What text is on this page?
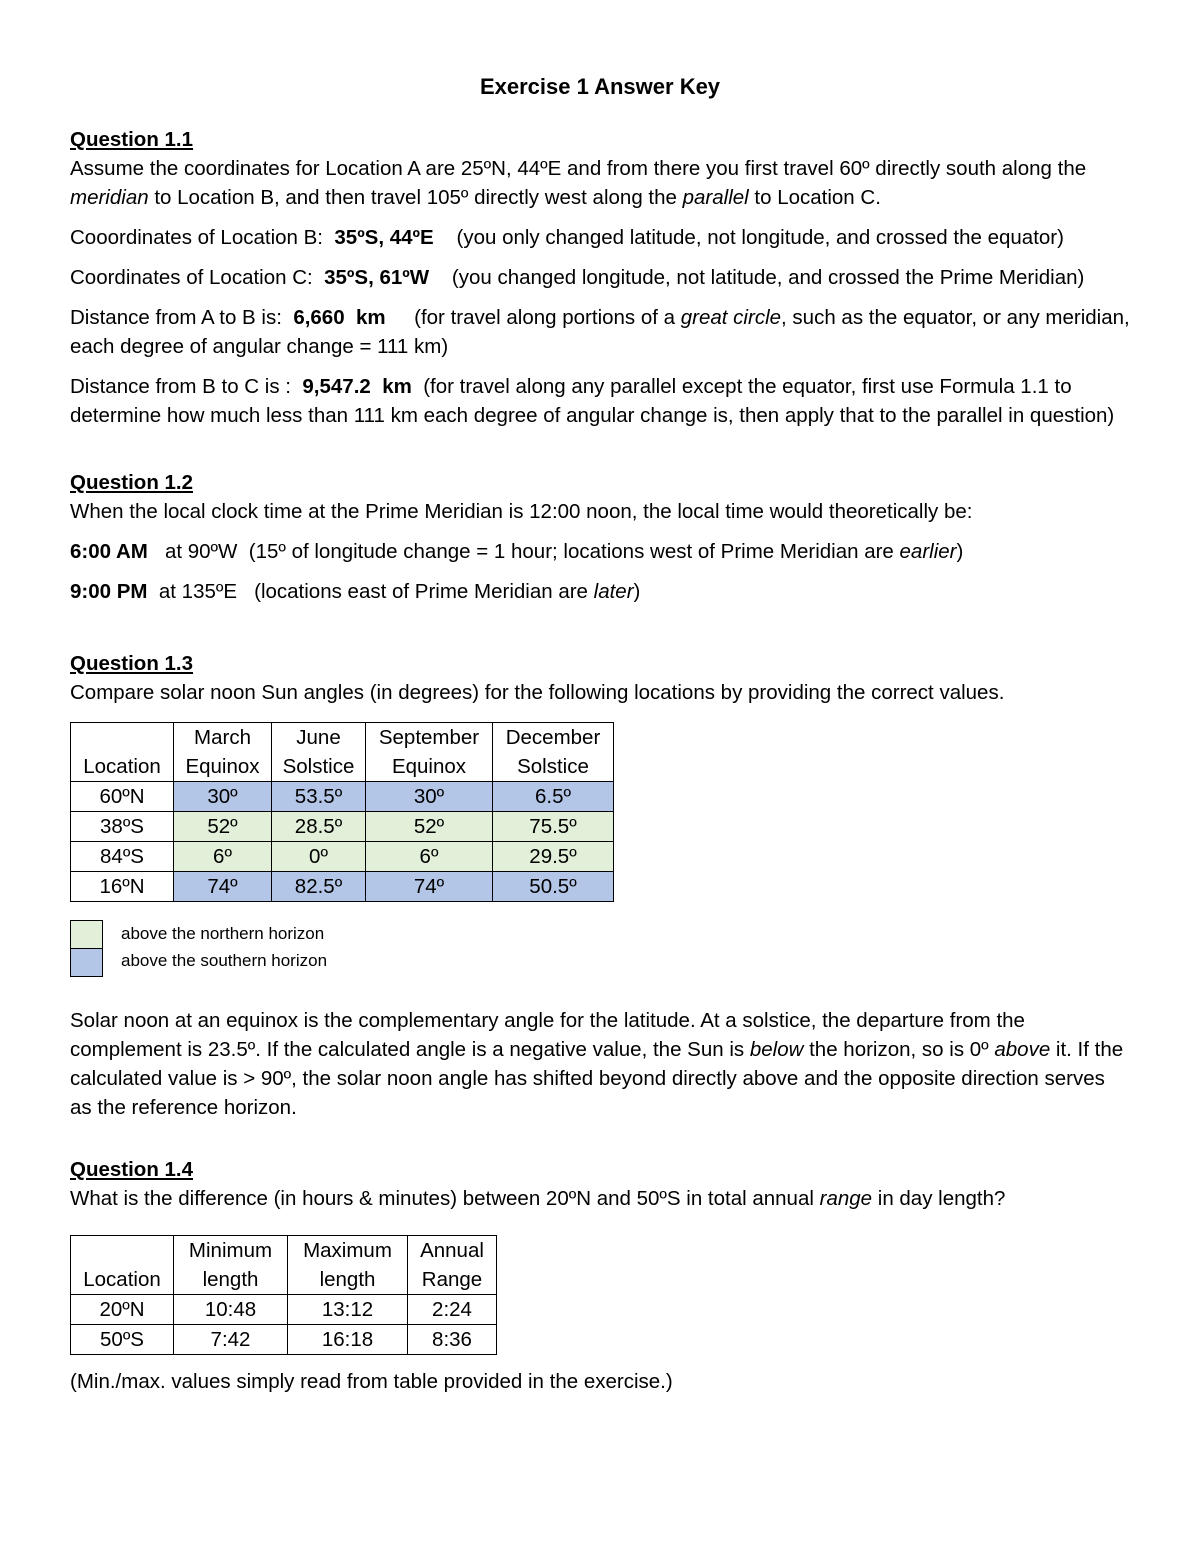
Exercise 1 Answer Key
Question 1.1

Assume the coordinates for Location A are 25ºN, 44ºE and from there you first travel 60º directly south along the meridian to Location B, and then travel 105º directly west along the parallel to Location C.

Cooordinates of Location B:  35ºS, 44ºE    (you only changed latitude, not longitude, and crossed the equator)

Coordinates of Location C:  35ºS, 61ºW    (you changed longitude, not latitude, and crossed the Prime Meridian)

Distance from A to B is:  6,660  km     (for travel along portions of a great circle, such as the equator, or any meridian, each degree of angular change = 111 km)

Distance from B to C is :  9,547.2  km  (for travel along any parallel except the equator, first use Formula 1.1 to determine how much less than 111 km each degree of angular change is, then apply that to the parallel in question)

Question 1.2

When the local clock time at the Prime Meridian is 12:00 noon, the local time would theoretically be:

6:00 AM   at 90ºW  (15º of longitude change = 1 hour; locations west of Prime Meridian are earlier)

9:00 PM  at 135ºE   (locations east of Prime Meridian are later)

Question 1.3

Compare solar noon Sun angles (in degrees) for the following locations by providing the correct values.

	March	June	September	December
Location	Equinox	Solstice	Equinox	Solstice
60ºN	30º	53.5º	30º	6.5º
38ºS	52º	28.5º	52º	75.5º
84ºS	6º	0º	6º	29.5º
16ºN	74º	82.5º	74º	50.5º
above the northern horizon
above the southern horizon

Solar noon at an equinox is the complementary angle for the latitude. At a solstice, the departure from the complement is 23.5º. If the calculated angle is a negative value, the Sun is below the horizon, so is 0º above it. If the calculated value is > 90º, the solar noon angle has shifted beyond directly above and the opposite direction serves as the reference horizon.

Question 1.4

What is the difference (in hours & minutes) between 20ºN and 50ºS in total annual range in day length?

	Minimum	Maximum	Annual
Location	length	length	Range
20ºN	10:48	13:12	2:24
50ºS	7:42	16:18	8:36

(Min./max. values simply read from table provided in the exercise.)
